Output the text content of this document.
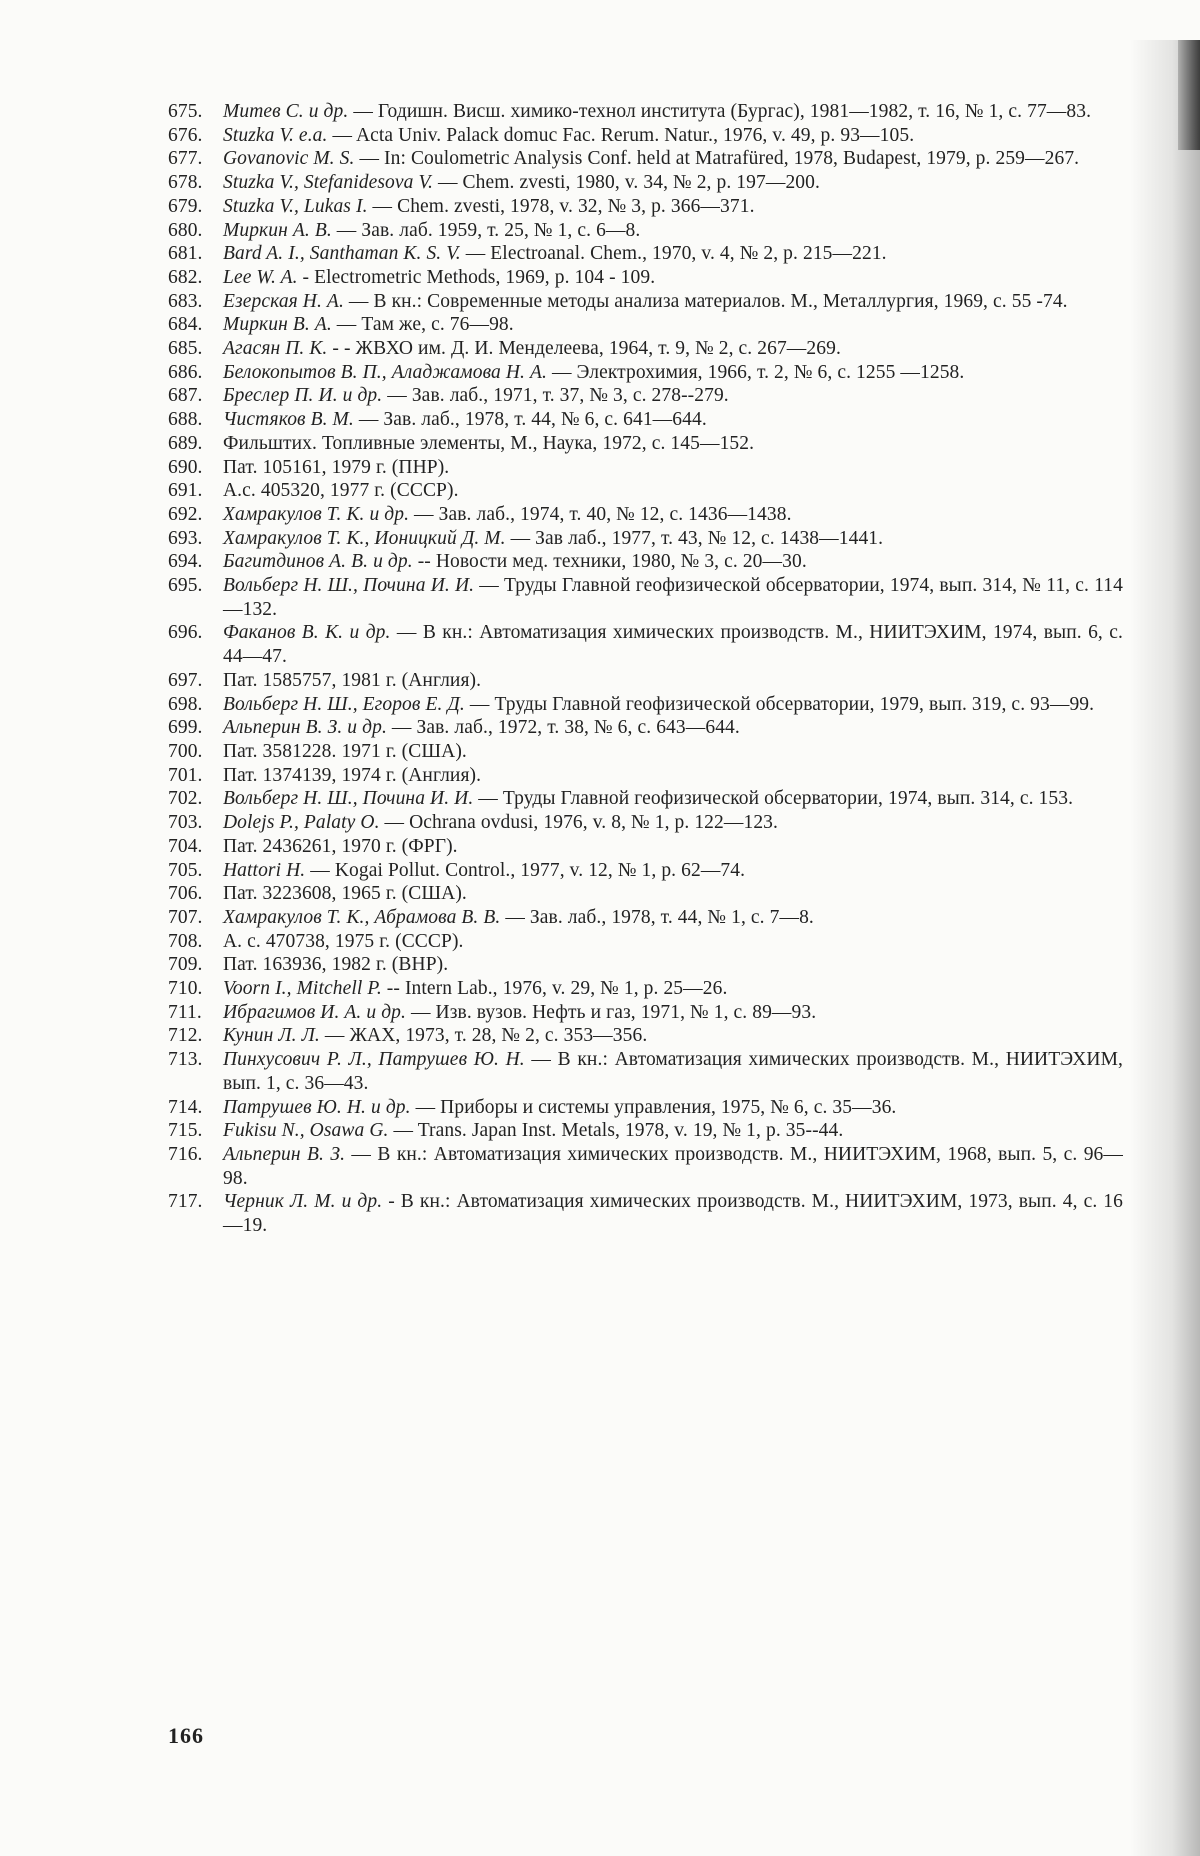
675.	Митев С. и др. — Годишн. Висш. химико-технол института (Бургас), 1981—1982, т. 16, № 1, с. 77—83.
676.	Stuzka V. e.a. — Acta Univ. Palack domuc Fac. Rerum. Natur., 1976, v. 49, p. 93—105.
677.	Govanovic M. S. — In: Coulometric Analysis Conf. held at Matrafüred, 1978, Budapest, 1979, p. 259—267.
678.	Stuzka V., Stefanidesova V. — Chem. zvesti, 1980, v. 34, № 2, p. 197—200.
679.	Stuzka V., Lukas I. — Chem. zvesti, 1978, v. 32, № 3, p. 366—371.
680.	Миркин А. В. — Зав. лаб. 1959, т. 25, № 1, с. 6—8.
681.	Bard A. I., Santhaman K. S. V. — Electroanal. Chem., 1970, v. 4, № 2, p. 215—221.
682.	Lee W. A. - Electrometric Methods, 1969, p. 104 - 109.
683.	Езерская Н. А. — В кн.: Современные методы анализа материалов. М., Металлургия, 1969, с. 55 -74.
684.	Миркин В. А. — Там же, с. 76—98.
685.	Агасян П. К. - - ЖВХО им. Д. И. Менделеева, 1964, т. 9, № 2, с. 267—269.
686.	Белокопытов В. П., Аладжамова Н. А. — Электрохимия, 1966, т. 2, № 6, с. 1255 —1258.
687.	Бреслер П. И. и др. — Зав. лаб., 1971, т. 37, № 3, с. 278--279.
688.	Чистяков В. М. — Зав. лаб., 1978, т. 44, № 6, с. 641—644.
689.	Фильштих. Топливные элементы, М., Наука, 1972, с. 145—152.
690.	Пат. 105161, 1979 г. (ПНР).
691.	А.с. 405320, 1977 г. (СССР).
692.	Хамракулов Т. К. и др. — Зав. лаб., 1974, т. 40, № 12, с. 1436—1438.
693.	Хамракулов Т. К., Ионицкий Д. М. — Зав лаб., 1977, т. 43, № 12, с. 1438—1441.
694.	Багитдинов А. В. и др. -- Новости мед. техники, 1980, № 3, с. 20—30.
695.	Вольберг Н. Ш., Почина И. И. — Труды Главной геофизической обсерватории, 1974, вып. 314, № 11, с. 114—132.
696.	Факанов В. К. и др. — В кн.: Автоматизация химических производств. М., НИИТЭХИМ, 1974, вып. 6, с. 44—47.
697.	Пат. 1585757, 1981 г. (Англия).
698.	Вольберг Н. Ш., Егоров Е. Д. — Труды Главной геофизической обсерватории, 1979, вып. 319, с. 93—99.
699.	Альперин В. З. и др. — Зав. лаб., 1972, т. 38, № 6, с. 643—644.
700.	Пат. 3581228. 1971 г. (США).
701.	Пат. 1374139, 1974 г. (Англия).
702.	Вольберг Н. Ш., Почина И. И. — Труды Главной геофизической обсерватории, 1974, вып. 314, с. 153.
703.	Dolejs P., Palaty O. — Ochrana ovdusi, 1976, v. 8, № 1, p. 122—123.
704.	Пат. 2436261, 1970 г. (ФРГ).
705.	Hattori H. — Kogai Pollut. Control., 1977, v. 12, № 1, p. 62—74.
706.	Пат. 3223608, 1965 г. (США).
707.	Хамракулов Т. К., Абрамова В. В. — Зав. лаб., 1978, т. 44, № 1, с. 7—8.
708.	А. с. 470738, 1975 г. (СССР).
709.	Пат. 163936, 1982 г. (ВНР).
710.	Voorn I., Mitchell P. -- Intern Lab., 1976, v. 29, № 1, p. 25—26.
711.	Ибрагимов И. А. и др. — Изв. вузов. Нефть и газ, 1971, № 1, с. 89—93.
712.	Кунин Л. Л. — ЖАХ, 1973, т. 28, № 2, с. 353—356.
713.	Пинхусович Р. Л., Патрушев Ю. Н. — В кн.: Автоматизация химических производств. М., НИИТЭХИМ, вып. 1, с. 36—43.
714.	Патрушев Ю. Н. и др. — Приборы и системы управления, 1975, № 6, с. 35—36.
715.	Fukisu N., Osawa G. — Trans. Japan Inst. Metals, 1978, v. 19, № 1, p. 35--44.
716.	Альперин В. З. — В кн.: Автоматизация химических производств. М., НИИТЭХИМ, 1968, вып. 5, с. 96—98.
717.	Черник Л. М. и др. - В кн.: Автоматизация химических производств. М., НИИТЭХИМ, 1973, вып. 4, с. 16—19.
166
